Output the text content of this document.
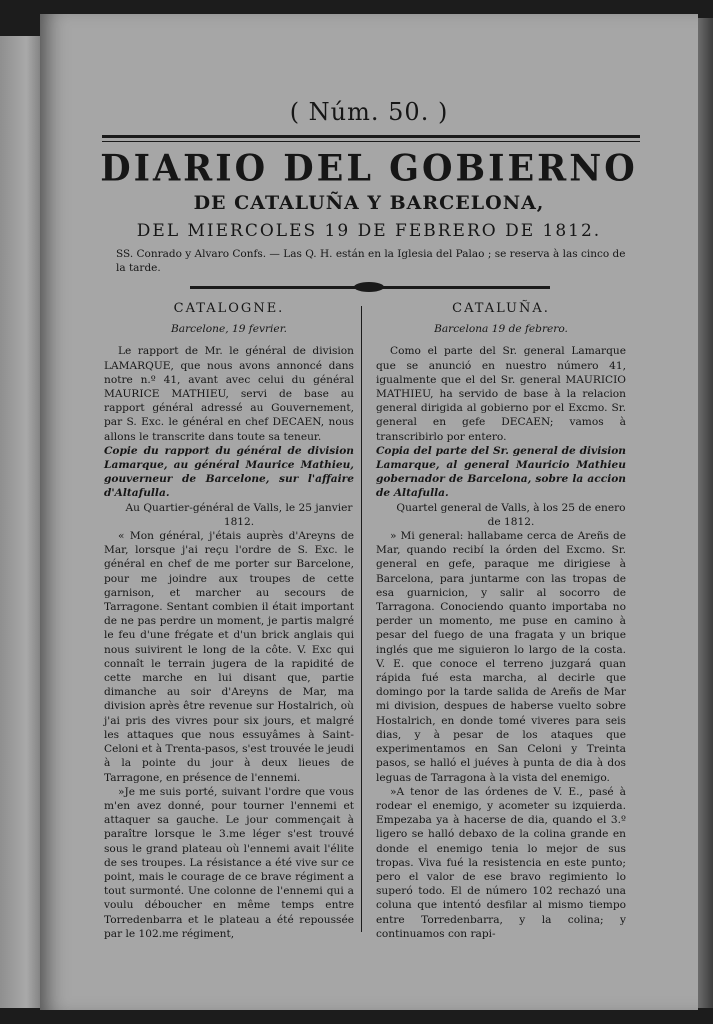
( Núm. 50. )
DIARIO DEL GOBIERNO
DE CATALUÑA Y BARCELONA,
DEL MIERCOLES 19 DE FEBRERO DE 1812.
SS. Conrado y Alvaro Confs. — Las Q. H. están en la Iglesia del Palao ; se reserva à las cinco de la tarde.
CATALOGNE.
Barcelone, 19 fevrier.

Le rapport de Mr. le général de division LAMARQUE, que nous avons annoncé dans notre n.º 41, avant avec celui du général MAURICE MATHIEU, servi de base au rapport général adressé au Gouvernement, par S. Exc. le général en chef DECAEN, nous allons le transcrite dans toute sa teneur.

Copie du rapport du général de division Lamarque, au général Maurice Mathieu, gouverneur de Barcelone, sur l'affaire d'Altafulla.

Au Quartier-général de Valls, le 25 janvier 1812.

« Mon général, j'étais auprès d'Areyns de Mar, lorsque j'ai reçu l'ordre de S. Exc. le général en chef de me porter sur Barcelone, pour me joindre aux troupes de cette garnison, et marcher au secours de Tarragone. Sentant combien il était important de ne pas perdre un moment, je partis malgré le feu d'une frégate et d'un brick anglais qui nous suivirent le long de la côte. V. Exc qui connaît le terrain jugera de la rapidité de cette marche en lui disant que, partie dimanche au soir d'Areyns de Mar, ma division après être revenue sur Hostalrich, où j'ai pris des vivres pour six jours, et malgré les attaques que nous essuyâmes à Saint-Celoni et à Trenta-pasos, s'est trouvée le jeudi à la pointe du jour à deux lieues de Tarragone, en présence de l'ennemi.

»Je me suis porté, suivant l'ordre que vous m'en avez donné, pour tourner l'ennemi et attaquer sa gauche. Le jour commençait à paraître lorsque le 3.me léger s'est trouvé sous le grand plateau où l'ennemi avait l'élite de ses troupes. La résistance a été vive sur ce point, mais le courage de ce brave régiment a tout surmonté. Une colonne de l'ennemi qui a voulu déboucher en même temps entre Torredenbarra et le plateau a été repoussée par le 102.me régiment,

CATALUÑA.
Barcelona 19 de febrero.

Como el parte del Sr. general Lamarque que se anunció en nuestro número 41, igualmente que el del Sr. general MAURICIO MATHIEU, ha servido de base à la relacion general dirigida al gobierno por el Excmo. Sr. general en gefe DECAEN; vamos à transcribirlo por entero.

Copia del parte del Sr. general de division Lamarque, al general Mauricio Mathieu gobernador de Barcelona, sobre la accion de Altafulla.

Quartel general de Valls, à los 25 de enero de 1812.

» Mi general: hallabame cerca de Areñs de Mar, quando recibí la órden del Excmo. Sr. general en gefe, paraque me dirigiese à Barcelona, para juntarme con las tropas de esa guarnicion, y salir al socorro de Tarragona. Conociendo quanto importaba no perder un momento, me puse en camino à pesar del fuego de una fragata y un brique inglés que me siguieron lo largo de la costa. V. E. que conoce el terreno juzgará quan rápida fué esta marcha, al decirle que domingo por la tarde salida de Areñs de Mar mi division, despues de haberse vuelto sobre Hostalrich, en donde tomé viveres para seis dias, y à pesar de los ataques que experimentamos en San Celoni y Treinta pasos, se halló el juéves à punta de dia à dos leguas de Tarragona à la vista del enemigo.

»A tenor de las órdenes de V. E., pasé à rodear el enemigo, y acometer su izquierda. Empezaba ya à hacerse de dia, quando el 3.º ligero se halló debaxo de la colina grande en donde el enemigo tenia lo mejor de sus tropas. Viva fué la resistencia en este punto; pero el valor de ese bravo regimiento lo superó todo. El de número 102 rechazó una coluna que intentó desfilar al mismo tiempo entre Torredenbarra, y la colina; y continuamos con rapi-
